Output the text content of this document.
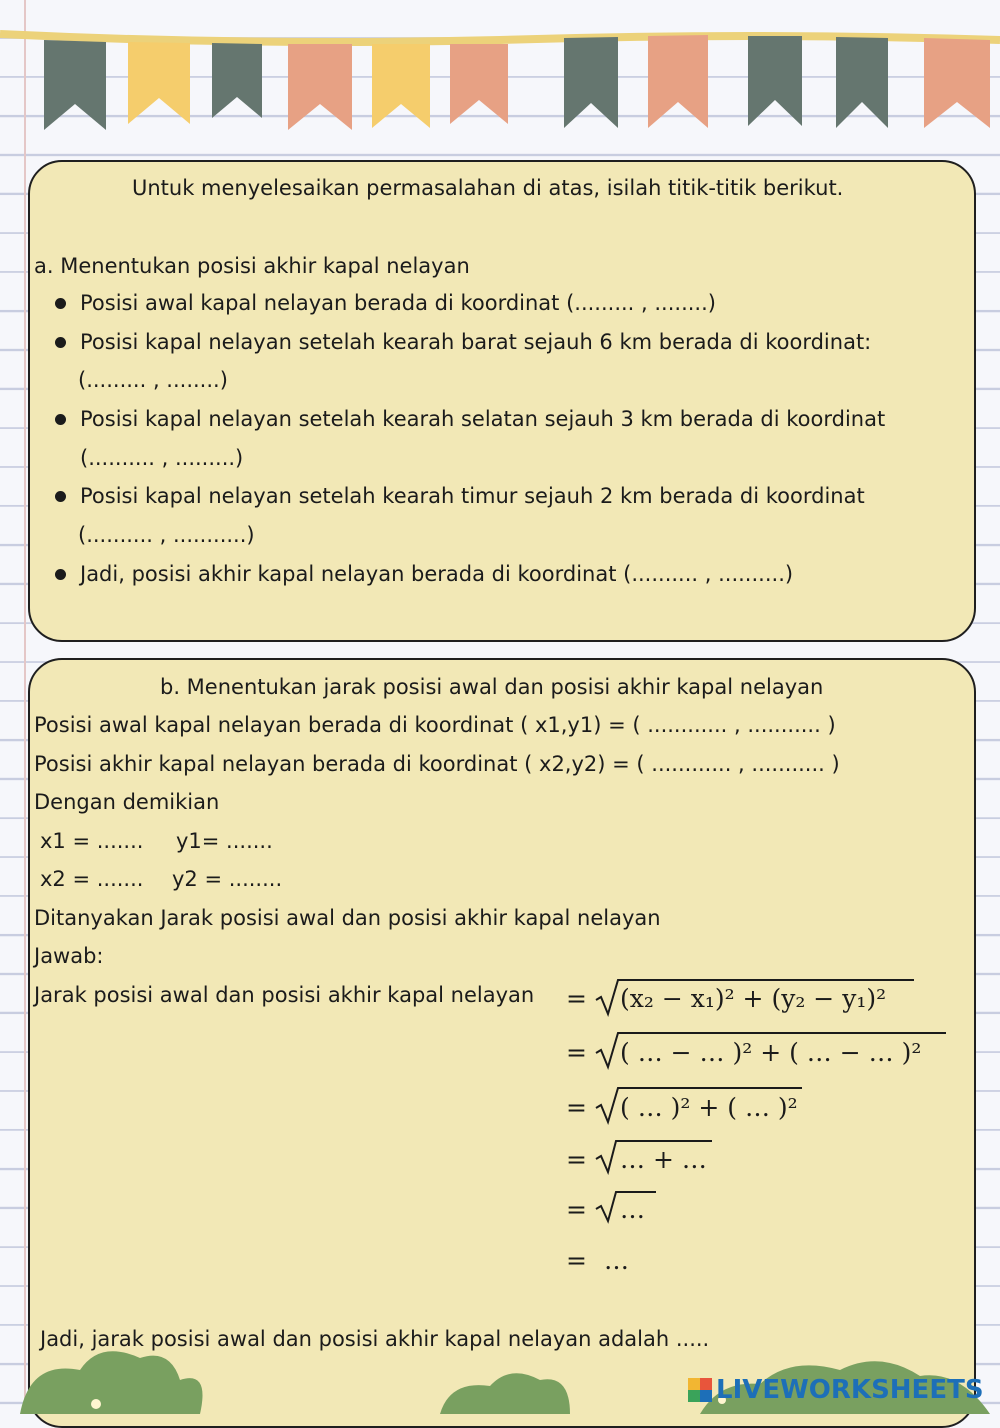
Untuk menyelesaikan permasalahan di atas, isilah titik-titik berikut.
a. Menentukan posisi akhir kapal nelayan
Posisi awal kapal nelayan berada di koordinat (......... , ........)
Posisi kapal nelayan setelah kearah barat sejauh 6 km berada di koordinat:
(......... , ........)
Posisi kapal nelayan setelah kearah selatan sejauh 3 km berada di koordinat
(.......... , .........)
Posisi kapal nelayan setelah kearah timur sejauh 2 km berada di koordinat
(.......... , ...........)
Jadi, posisi akhir kapal nelayan berada di koordinat (.......... , ..........)
b. Menentukan jarak posisi awal dan posisi akhir kapal nelayan
Posisi awal kapal nelayan berada di koordinat ( x1,y1) = ( ............ , ........... )
Posisi akhir kapal nelayan berada di koordinat ( x2,y2) = ( ............ , ........... )
Dengan demikian
x1 = ....... y1= .......
x2 = ....... y2 = ........
Ditanyakan Jarak posisi awal dan posisi akhir kapal nelayan
Jawab:
Jarak posisi awal dan posisi akhir kapal nelayan = (x₂ − x₁)² + (y₂ − y₁)²
= ( … − … )² + ( … − … )²
= ( … )² + ( … )²
= … + …
= …
= …
Jadi, jarak posisi awal dan posisi akhir kapal nelayan adalah .....
LIVEWORKSHEETS
